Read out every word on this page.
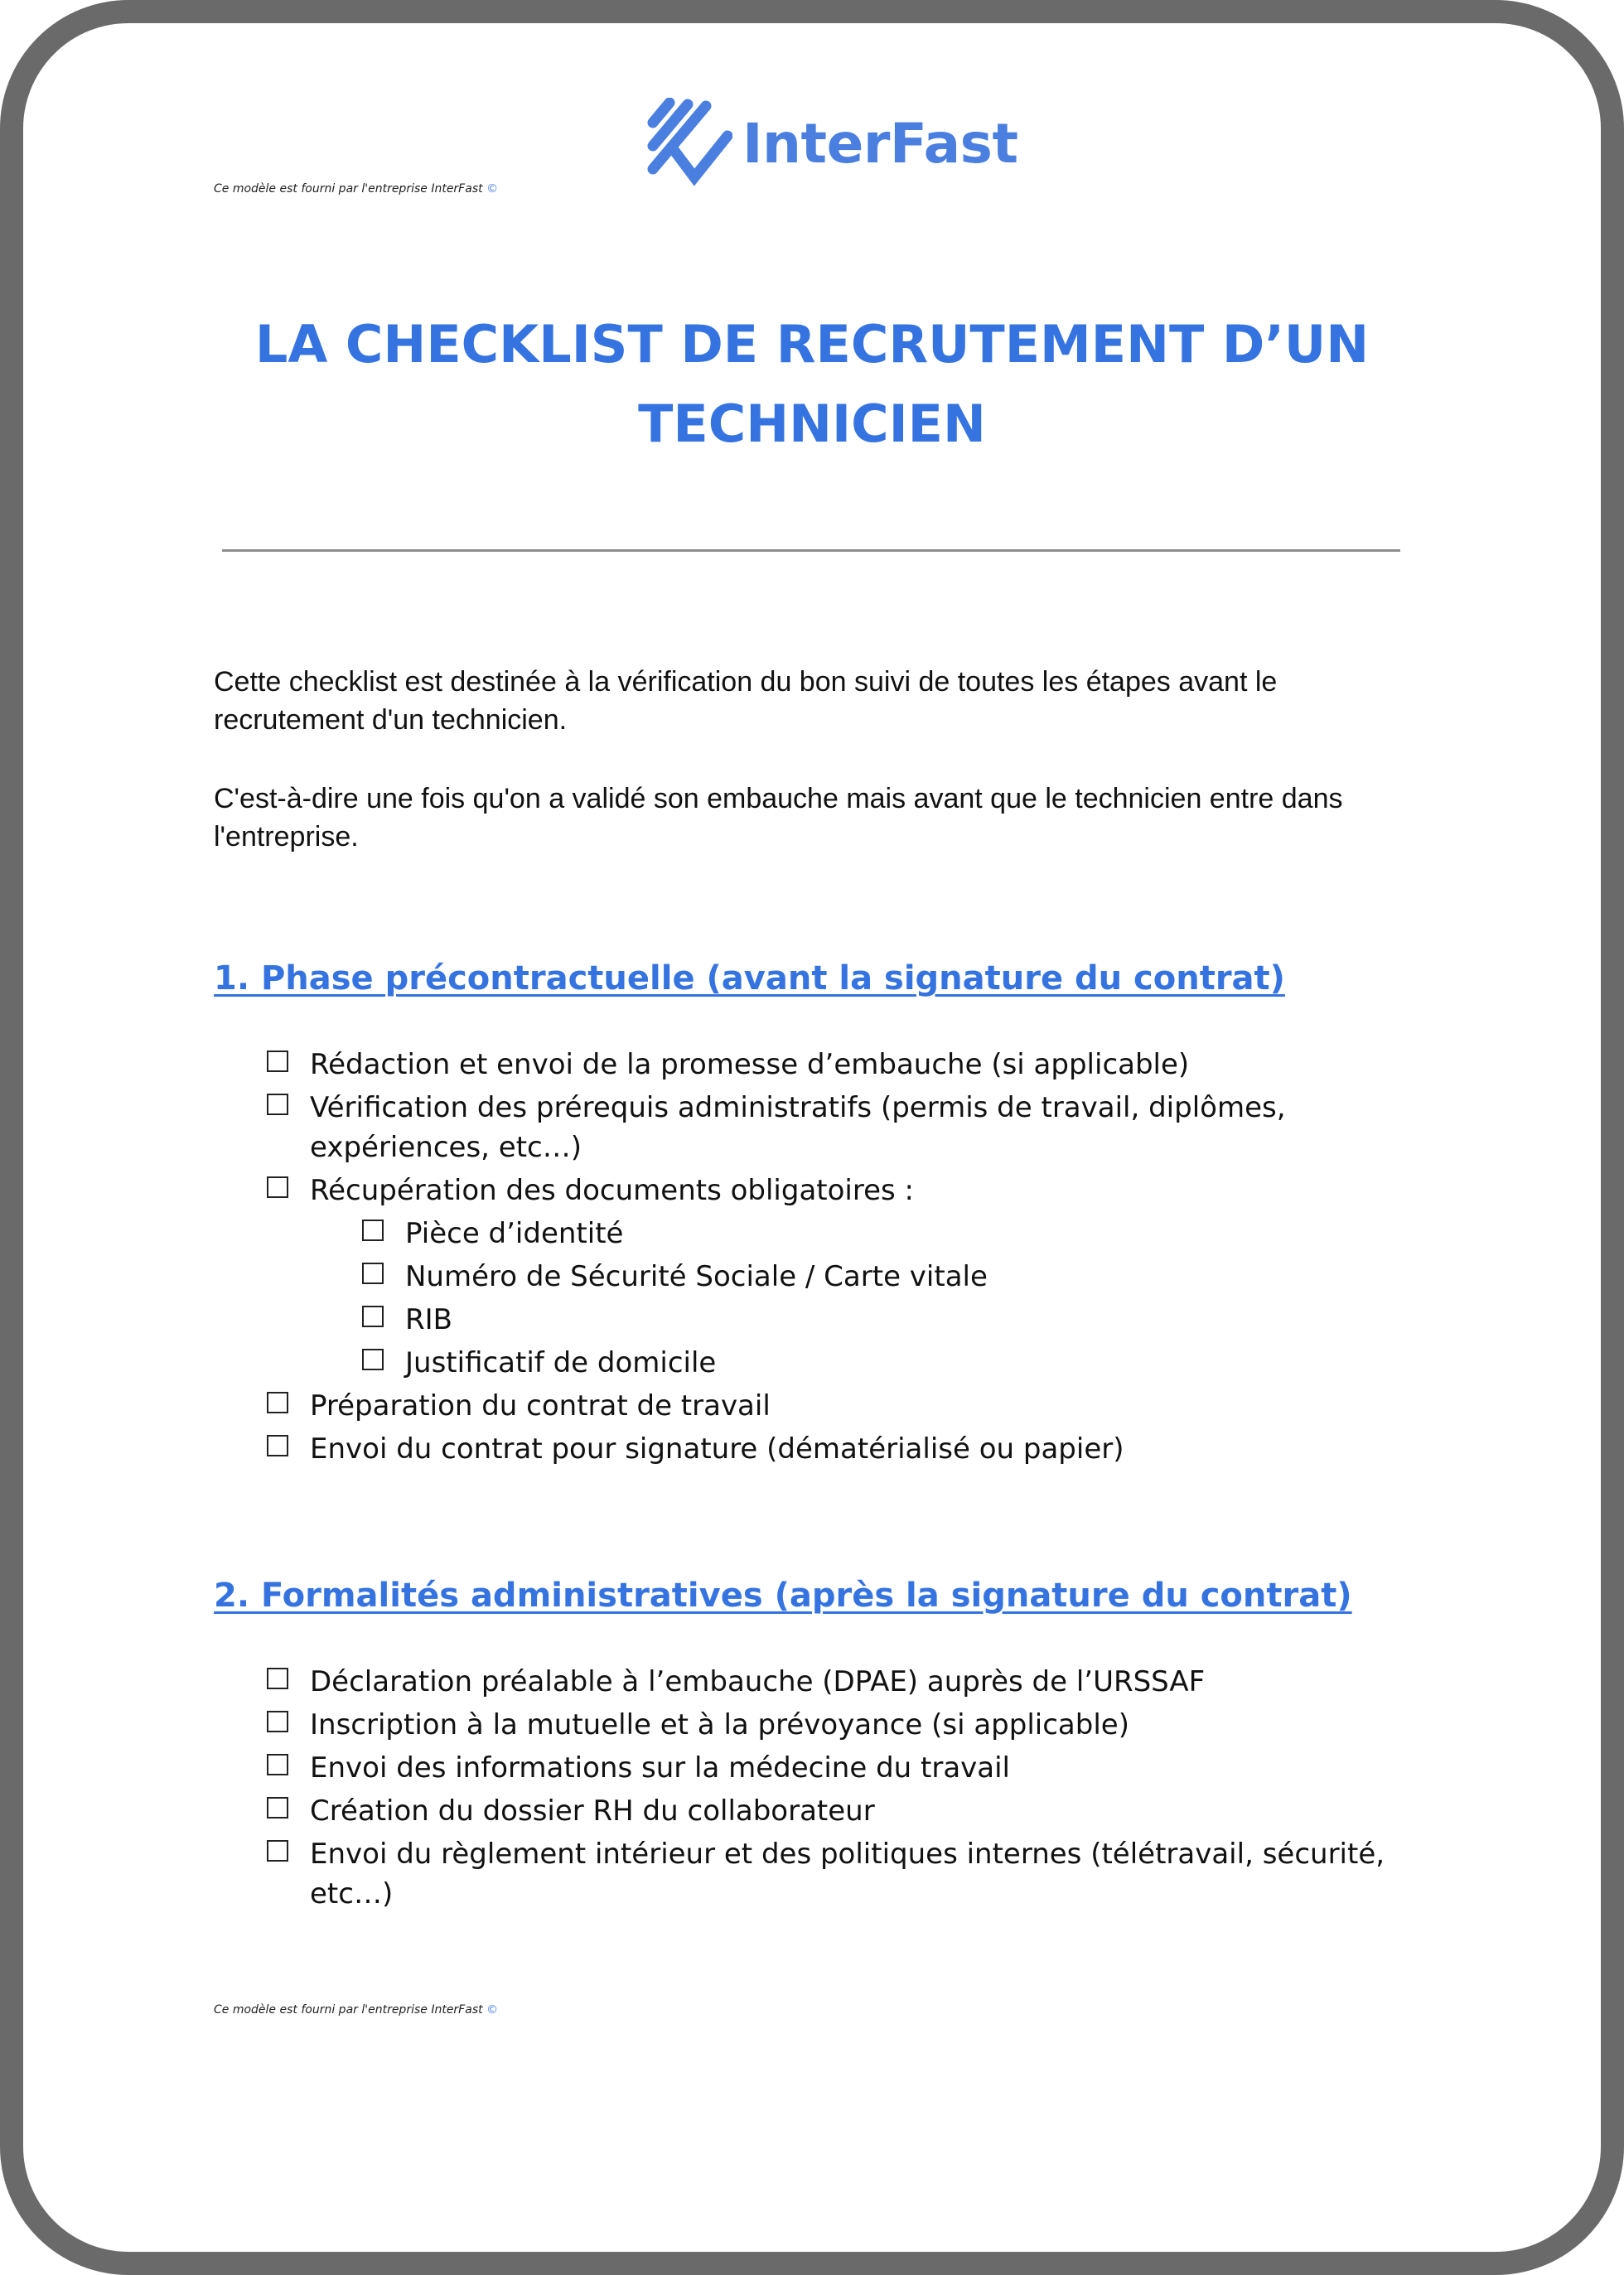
InterFast
Ce modèle est fourni par l'entreprise InterFast ©
LA CHECKLIST DE RECRUTEMENT D’UN
TECHNICIEN

Cette checklist est destinée à la vérification du bon suivi de toutes les étapes avant le recrutement d'un technicien.

C'est-à-dire une fois qu'on a validé son embauche mais avant que le technicien entre dans l'entreprise.

1. Phase précontractuelle (avant la signature du contrat)
Rédaction et envoi de la promesse d’embauche (si applicable)
Vérification des prérequis administratifs (permis de travail, diplômes, expériences, etc…)
Récupération des documents obligatoires :
Pièce d’identité
Numéro de Sécurité Sociale / Carte vitale
RIB
Justificatif de domicile
Préparation du contrat de travail
Envoi du contrat pour signature (dématérialisé ou papier)
2. Formalités administratives (après la signature du contrat)
Déclaration préalable à l’embauche (DPAE) auprès de l’URSSAF
Inscription à la mutuelle et à la prévoyance (si applicable)
Envoi des informations sur la médecine du travail
Création du dossier RH du collaborateur
Envoi du règlement intérieur et des politiques internes (télétravail, sécurité, etc…)
Ce modèle est fourni par l'entreprise InterFast ©
